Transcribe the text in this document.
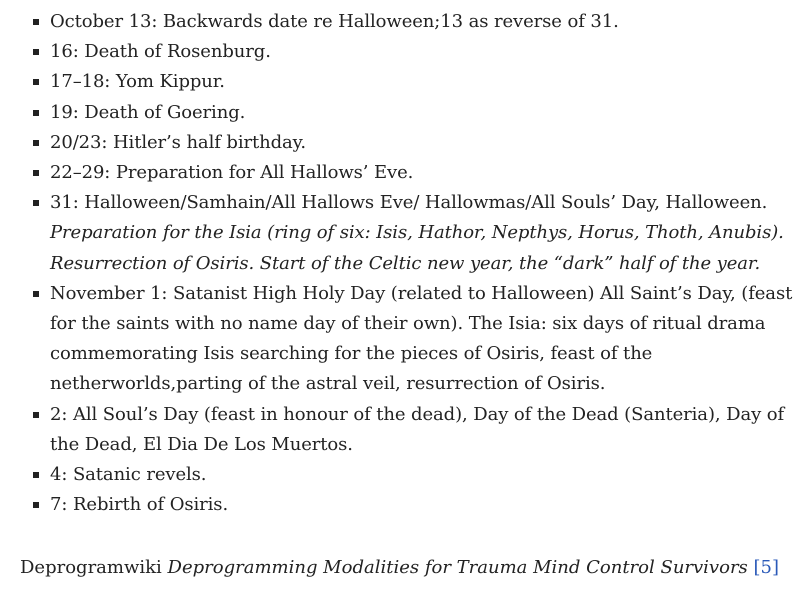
October 13: Backwards date re Halloween;13 as reverse of 31.
16: Death of Rosenburg.
17–18: Yom Kippur.
19: Death of Goering.
20/23: Hitler’s half birthday.
22–29: Preparation for All Hallows’ Eve.
31: Halloween/Samhain/All Hallows Eve/ Hallowmas/All Souls’ Day, Halloween. Preparation for the Isia (ring of six: Isis, Hathor, Nepthys, Horus, Thoth, Anubis). Resurrection of Osiris. Start of the Celtic new year, the “dark” half of the year.
November 1: Satanist High Holy Day (related to Halloween) All Saint’s Day, (feast for the saints with no name day of their own). The Isia: six days of ritual drama commemorating Isis searching for the pieces of Osiris, feast of the netherworlds,parting of the astral veil, resurrection of Osiris.
2: All Soul’s Day (feast in honour of the dead), Day of the Dead (Santeria), Day of the Dead, El Dia De Los Muertos.
4: Satanic revels.
7: Rebirth of Osiris.

Deprogramwiki Deprogramming Modalities for Trauma Mind Control Survivors [5]
